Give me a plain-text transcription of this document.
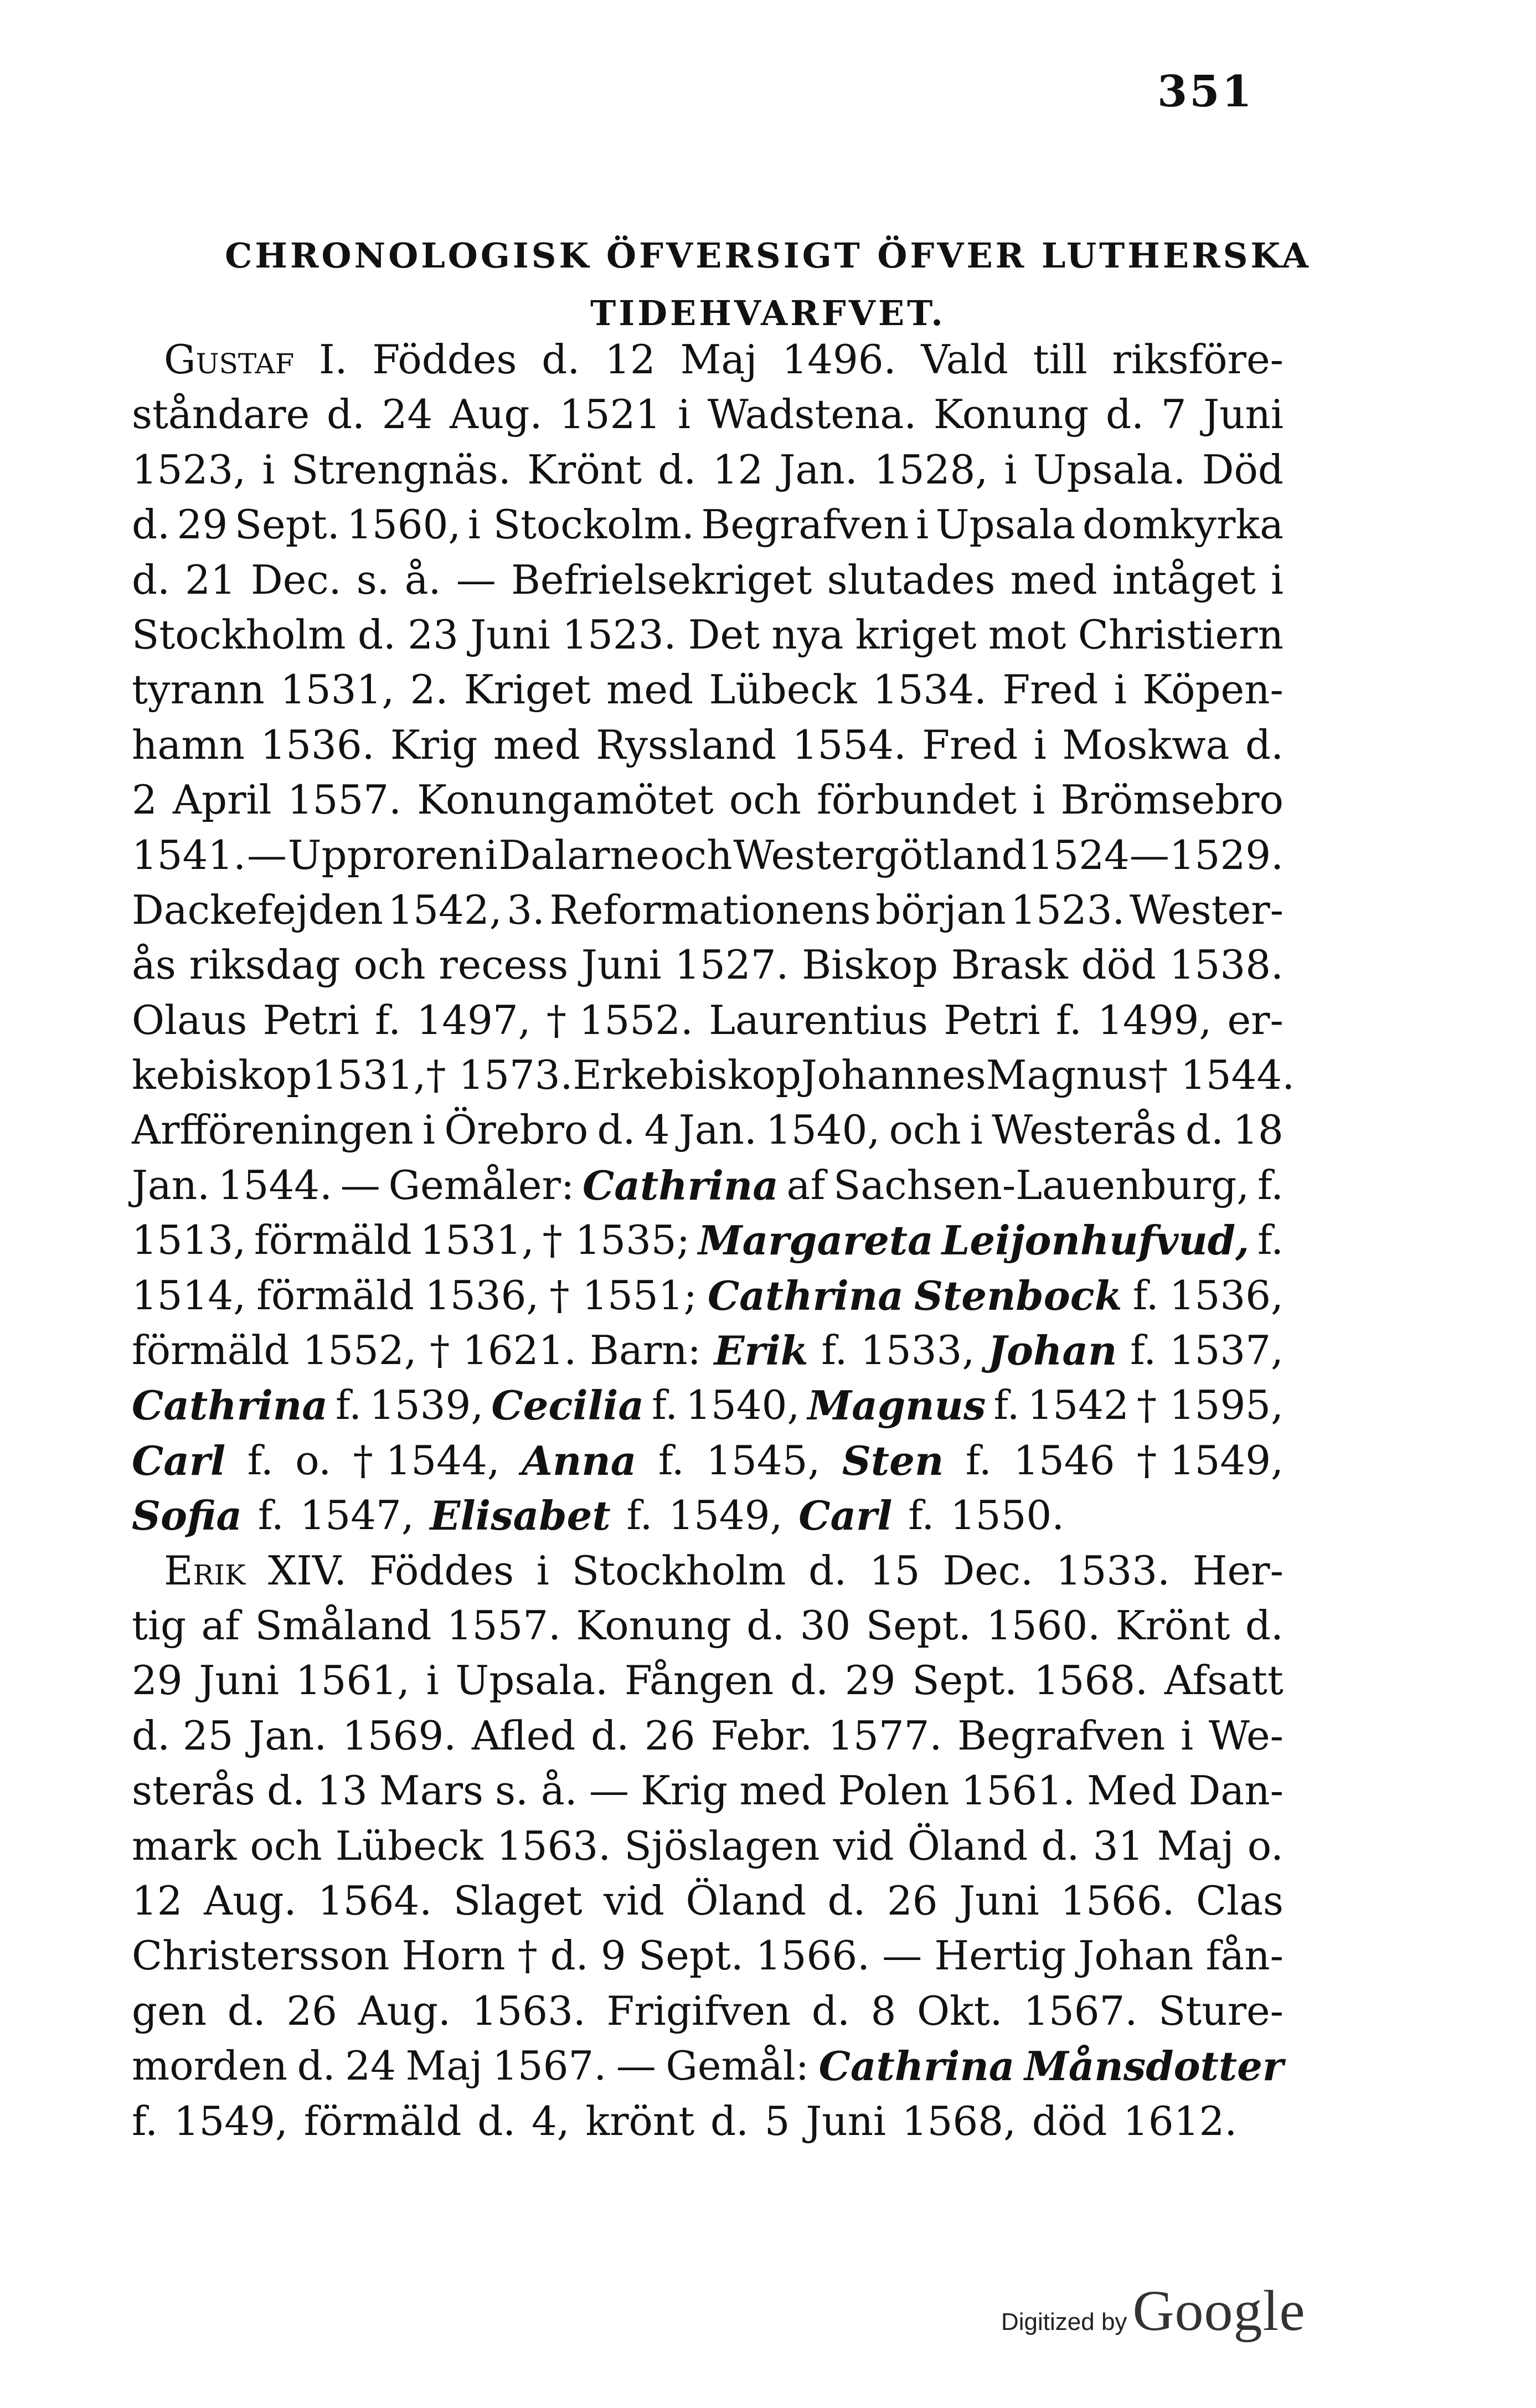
351
CHRONOLOGISK ÖFVERSIGT ÖFVER LUTHERSKA
TIDEHVARFVET.
Gustaf I. Föddes d. 12 Maj 1496. Vald till riksföre-
ståndare d. 24 Aug. 1521 i Wadstena. Konung d. 7 Juni
1523, i Strengnäs. Krönt d. 12 Jan. 1528, i Upsala. Död
d. 29 Sept. 1560, i Stockolm. Begrafven i Upsala domkyrka
d. 21 Dec. s. å. — Befrielsekriget slutades med intåget i
Stockholm d. 23 Juni 1523. Det nya kriget mot Christiern
tyrann 1531, 2. Kriget med Lübeck 1534. Fred i Köpen-
hamn 1536. Krig med Ryssland 1554. Fred i Moskwa d.
2 April 1557. Konungamötet och förbundet i Brömsebro
1541. — Upproren i Dalarne och Westergötland 1524—1529.
Dackefejden 1542, 3. Reformationens början 1523. Wester-
ås riksdag och recess Juni 1527. Biskop Brask död 1538.
Olaus Petri f. 1497, † 1552. Laurentius Petri f. 1499, er-
kebiskop 1531, † 1573. Erkebiskop Johannes Magnus † 1544.
Arfföreningen i Örebro d. 4 Jan. 1540, och i Westerås d. 18
Jan. 1544. — Gemåler: Cathrina af Sachsen-Lauenburg, f.
1513, förmäld 1531, † 1535; Margareta Leijonhufvud, f.
1514, förmäld 1536, † 1551; Cathrina Stenbock f. 1536,
förmäld 1552, † 1621. Barn: Erik f. 1533, Johan f. 1537,
Cathrina f. 1539, Cecilia f. 1540, Magnus f. 1542 † 1595,
Carl f. o. † 1544, Anna f. 1545, Sten f. 1546 † 1549,
Sofia f. 1547, Elisabet f. 1549, Carl f. 1550.
Erik XIV. Föddes i Stockholm d. 15 Dec. 1533. Her-
tig af Småland 1557. Konung d. 30 Sept. 1560. Krönt d.
29 Juni 1561, i Upsala. Fången d. 29 Sept. 1568. Afsatt
d. 25 Jan. 1569. Afled d. 26 Febr. 1577. Begrafven i We-
sterås d. 13 Mars s. å. — Krig med Polen 1561. Med Dan-
mark och Lübeck 1563. Sjöslagen vid Öland d. 31 Maj o.
12 Aug. 1564. Slaget vid Öland d. 26 Juni 1566. Clas
Christersson Horn † d. 9 Sept. 1566. — Hertig Johan fån-
gen d. 26 Aug. 1563. Frigifven d. 8 Okt. 1567. Sture-
morden d. 24 Maj 1567. — Gemål: Cathrina Månsdotter
f. 1549, förmäld d. 4, krönt d. 5 Juni 1568, död 1612.
Digitized by Google
